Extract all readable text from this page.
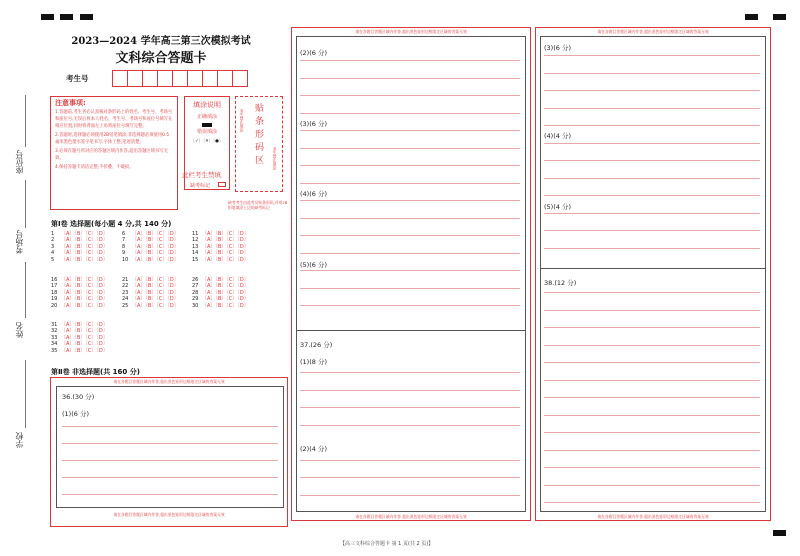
座位号
考场号
姓名
学校
2023—2024 学年高三第三次模拟考试
文科综合答题卡
考生号
注意事项:

1.答题前,考生务必认真核对条形码上的姓名、考生号、考场号和座位号,无误后将本人姓名、考生号、考场号和座位号填写在相应位置,同时将背面左上角将座位号填写完整。

2.答题时,选择题必须使用2B铅笔填涂;非选择题必须使用0.5毫米黑色墨水签字笔书写,字体工整,笔迹清楚。

3.必须在题号所对应的答题区域内作答,超出答题区域书写无效。

4.保持答题卡清洁完整,不折叠、不破损。

填涂说明
正确填涂
错误填涂
〔✓〕〔✕〕〔●〕
此栏考生禁填
缺考标记
贴
条
形
码
区
考生禁止填涂
考生禁止填涂
缺考考生由监考员贴条形码,并用2B铅笔填涂上边的缺考标记
第Ⅰ卷 选择题(每小题 4 分,共 140 分)
1 〔A〕〔B〕〔C〕〔D〕
2 〔A〕〔B〕〔C〕〔D〕
3 〔A〕〔B〕〔C〕〔D〕
4 〔A〕〔B〕〔C〕〔D〕
5 〔A〕〔B〕〔C〕〔D〕
6 〔A〕〔B〕〔C〕〔D〕
7 〔A〕〔B〕〔C〕〔D〕
8 〔A〕〔B〕〔C〕〔D〕
9 〔A〕〔B〕〔C〕〔D〕
10 〔A〕〔B〕〔C〕〔D〕
11 〔A〕〔B〕〔C〕〔D〕
12 〔A〕〔B〕〔C〕〔D〕
13 〔A〕〔B〕〔C〕〔D〕
14 〔A〕〔B〕〔C〕〔D〕
15 〔A〕〔B〕〔C〕〔D〕
16 〔A〕〔B〕〔C〕〔D〕
17 〔A〕〔B〕〔C〕〔D〕
18 〔A〕〔B〕〔C〕〔D〕
19 〔A〕〔B〕〔C〕〔D〕
20 〔A〕〔B〕〔C〕〔D〕
21 〔A〕〔B〕〔C〕〔D〕
22 〔A〕〔B〕〔C〕〔D〕
23 〔A〕〔B〕〔C〕〔D〕
24 〔A〕〔B〕〔C〕〔D〕
25 〔A〕〔B〕〔C〕〔D〕
26 〔A〕〔B〕〔C〕〔D〕
27 〔A〕〔B〕〔C〕〔D〕
28 〔A〕〔B〕〔C〕〔D〕
29 〔A〕〔B〕〔C〕〔D〕
30 〔A〕〔B〕〔C〕〔D〕
31 〔A〕〔B〕〔C〕〔D〕
32 〔A〕〔B〕〔C〕〔D〕
33 〔A〕〔B〕〔C〕〔D〕
34 〔A〕〔B〕〔C〕〔D〕
35 〔A〕〔B〕〔C〕〔D〕
第Ⅱ卷 非选择题(共 160 分)
请在各题目答题区域内作答,超出黑色矩形边框限定区域的答案无效
请在各题目答题区域内作答,超出黑色矩形边框限定区域的答案无效
36.(30 分)
(1)(6 分)
请在各题目答题区域内作答,超出黑色矩形边框限定区域的答案无效
请在各题目答题区域内作答,超出黑色矩形边框限定区域的答案无效
(2)(6 分)
(3)(6 分)
(4)(6 分)
(5)(6 分)
37.(26 分)
(1)(8 分)
(2)(4 分)
请在各题目答题区域内作答,超出黑色矩形边框限定区域的答案无效
请在各题目答题区域内作答,超出黑色矩形边框限定区域的答案无效
(3)(6 分)
(4)(4 分)
(5)(4 分)
38.(12 分)
【高三文科综合答题卡 第 1 页(共 2 页)】
